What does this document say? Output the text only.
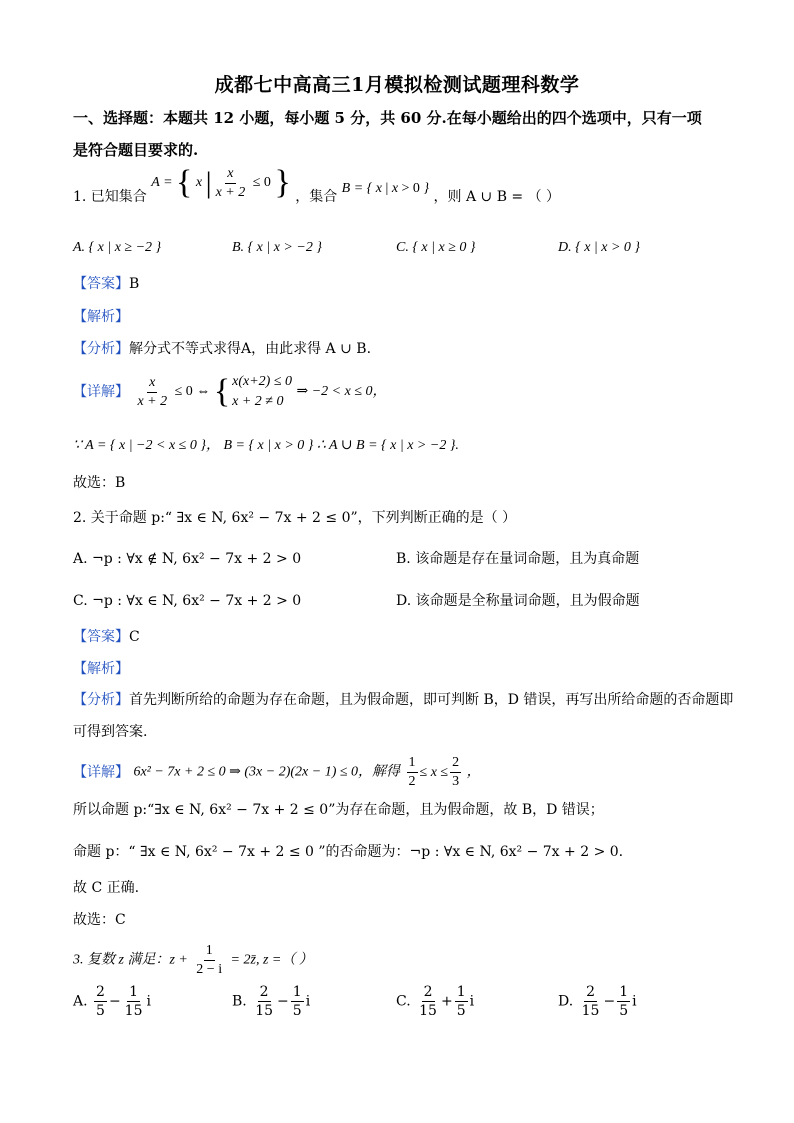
成都七中高高三1月模拟检测试题理科数学
一、选择题：本题共 12 小题，每小题 5 分，共 60 分.在每小题给出的四个选项中，只有一项
是符合题目要求的.
1. 已知集合 A = { x | $\frac{x}{x + 2}$
≤ 0
} ，集合 B = { x | x > 0 } ，则 A ∪ B = （ ）
A. { x | x ≥ −2 }	B. { x | x > −2 }	C. { x | x ≥ 0 }	D. { x | x > 0 }
【答案】B
【解析】
【分析】解分式不等式求得A，由此求得 A ∪ B.
【详解】 $\frac{x}{x + 2} \le 0$ ⇔ { x(x+2) ≤ 0
x + 2 ≠ 0
⇒ −2 < x ≤ 0，
∵ A = { x | −2 < x ≤ 0 }， B = { x | x > 0 } ∴ A ∪ B = { x | x > −2 }.
故选：B
2. 关于命题 p:“ ∃x ∈ N, 6x² − 7x + 2 ≤ 0”，下列判断正确的是（ ）
A. ¬p : ∀x ∉ N, 6x² − 7x + 2 > 0	B. 该命题是存在量词命题，且为真命题
C. ¬p : ∀x ∈ N, 6x² − 7x + 2 > 0	D. 该命题是全称量词命题，且为假命题
【答案】C
【解析】
【分析】首先判断所给的命题为存在命题，且为假命题，即可判断 B，D 错误，再写出所给命题的否命题即
可得到答案.
【详解】 6x² − 7x + 2 ≤ 0 ⇒ (3x − 2)(2x − 1) ≤ 0，解得 $\frac{1}{2} \le x \le \frac{2}{3}$ ，
所以命题 p:“∃x ∈ N, 6x² − 7x + 2 ≤ 0”为存在命题，且为假命题，故 B，D 错误；
命题 p：“ ∃x ∈ N, 6x² − 7x + 2 ≤ 0 ”的否命题为：¬p : ∀x ∈ N, 6x² − 7x + 2 > 0.
故 C 正确.
故选：C
3. 复数 z 满足：$z + \frac{1}{2 - i}$ = 2z̄, z =（ ）
A. $\frac{2}{5} - \frac{1}{15}$ i	B. $\frac{2}{15} - \frac{1}{5}$ i	C. $\frac{2}{15} + \frac{1}{5}$ i	D. $\frac{2}{15} - \frac{1}{5}$ i
